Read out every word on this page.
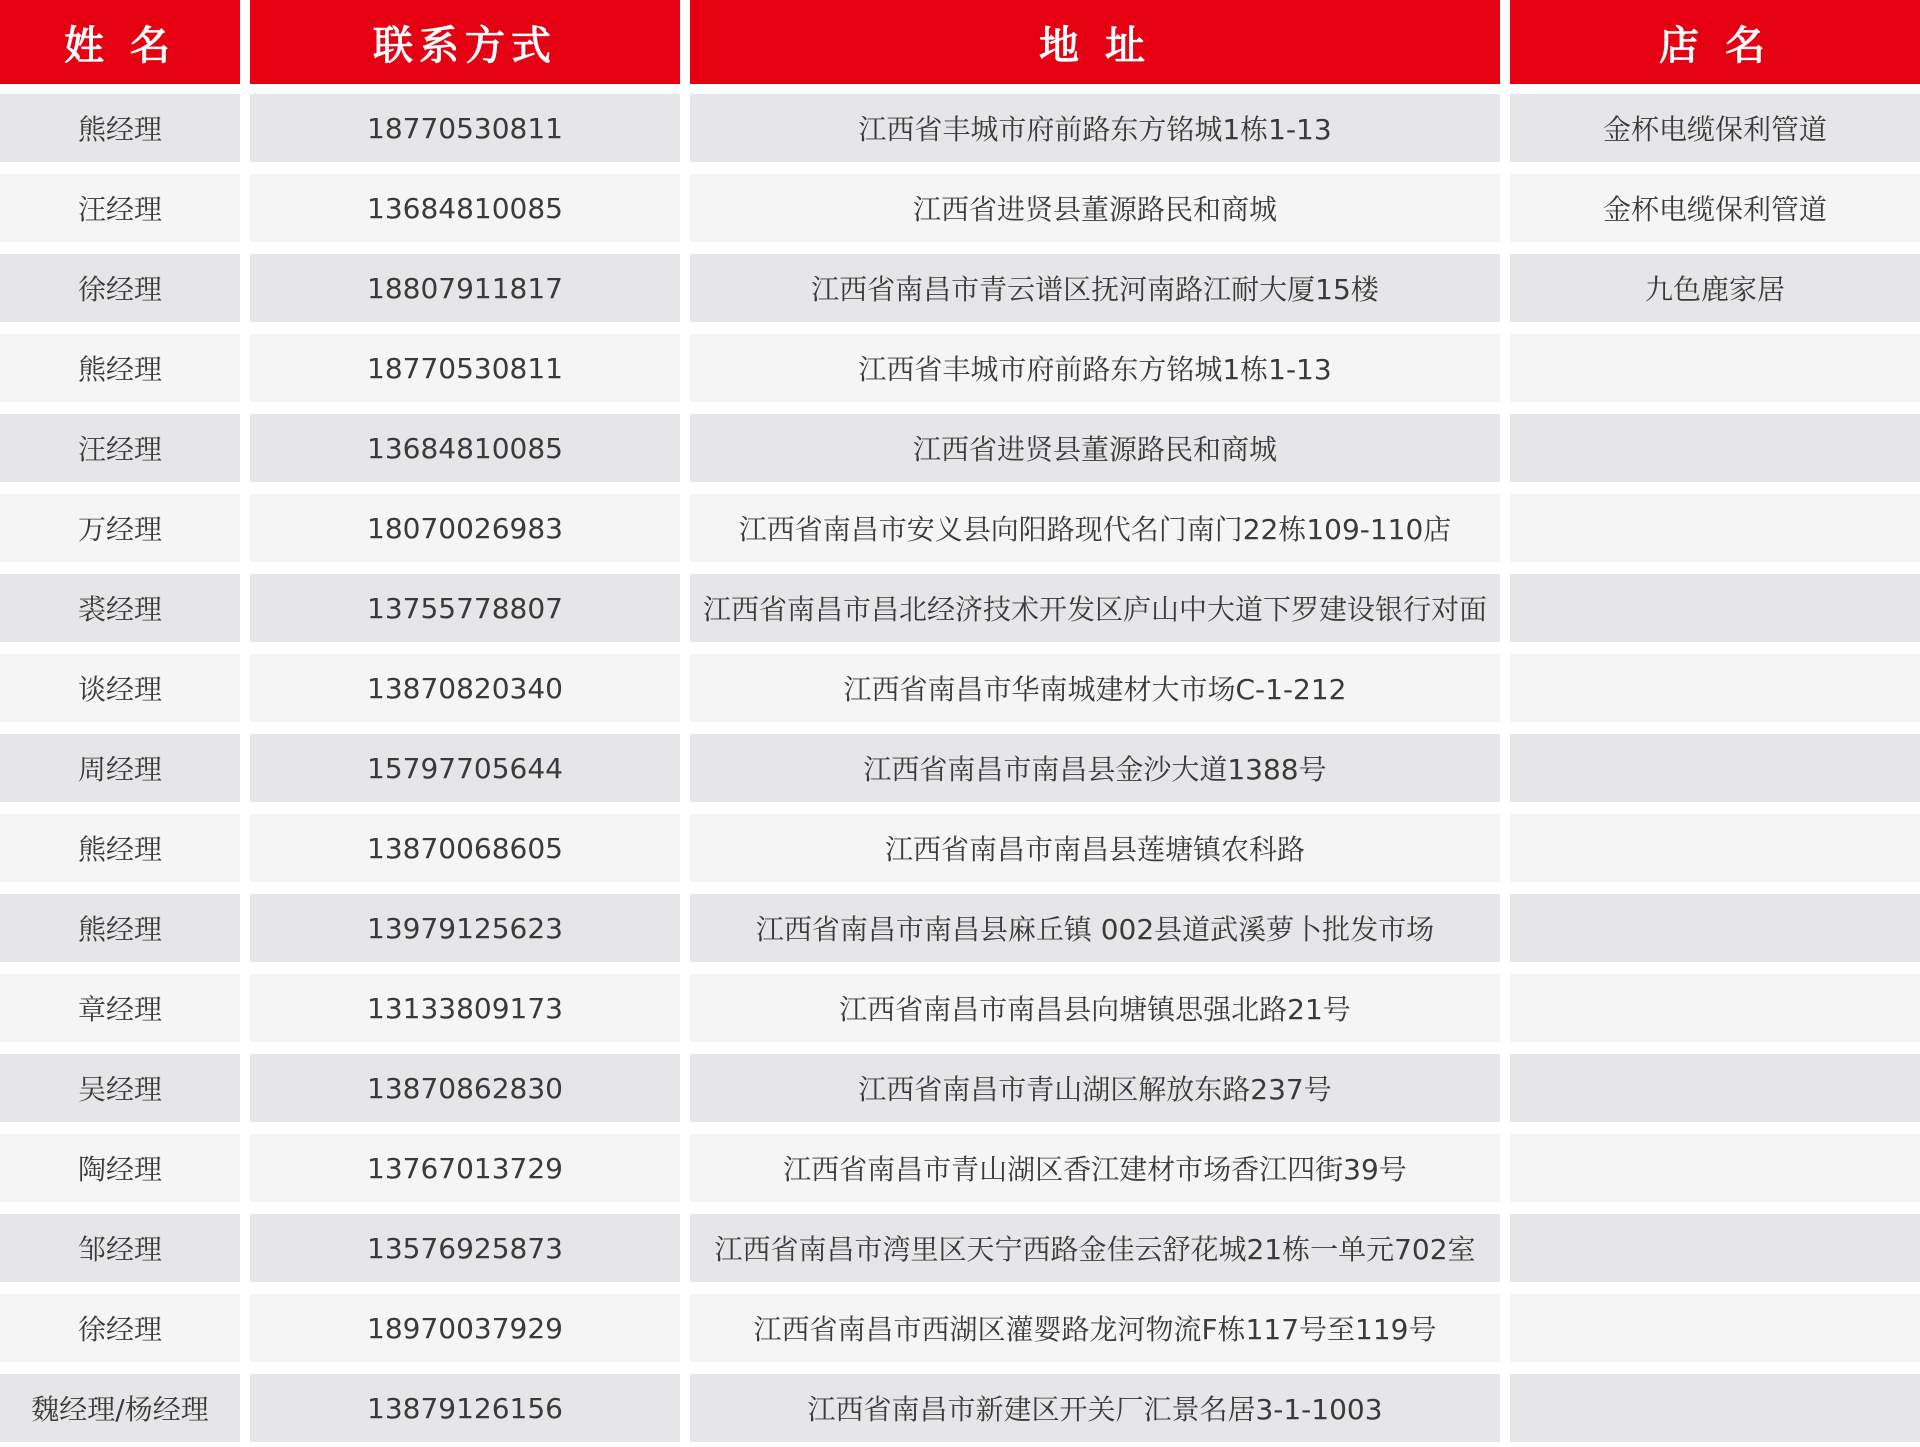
姓 名	联系方式	地 址	店 名
熊经理	18770530811	江西省丰城市府前路东方铭城1栋1-13	金杯电缆保利管道
汪经理	13684810085	江西省进贤县董源路民和商城	金杯电缆保利管道
徐经理	18807911817	江西省南昌市青云谱区抚河南路江耐大厦15楼	九色鹿家居
熊经理	18770530811	江西省丰城市府前路东方铭城1栋1-13
汪经理	13684810085	江西省进贤县董源路民和商城
万经理	18070026983	江西省南昌市安义县向阳路现代名门南门22栋109-110店
裘经理	13755778807	江西省南昌市昌北经济技术开发区庐山中大道下罗建设银行对面
谈经理	13870820340	江西省南昌市华南城建材大市场C-1-212
周经理	15797705644	江西省南昌市南昌县金沙大道1388号
熊经理	13870068605	江西省南昌市南昌县莲塘镇农科路
熊经理	13979125623	江西省南昌市南昌县麻丘镇 002县道武溪萝卜批发市场
章经理	13133809173	江西省南昌市南昌县向塘镇思强北路21号
吴经理	13870862830	江西省南昌市青山湖区解放东路237号
陶经理	13767013729	江西省南昌市青山湖区香江建材市场香江四街39号
邹经理	13576925873	江西省南昌市湾里区天宁西路金佳云舒花城21栋一单元702室
徐经理	18970037929	江西省南昌市西湖区灌婴路龙河物流F栋117号至119号
魏经理/杨经理	13879126156	江西省南昌市新建区开关厂汇景名居3-1-1003
